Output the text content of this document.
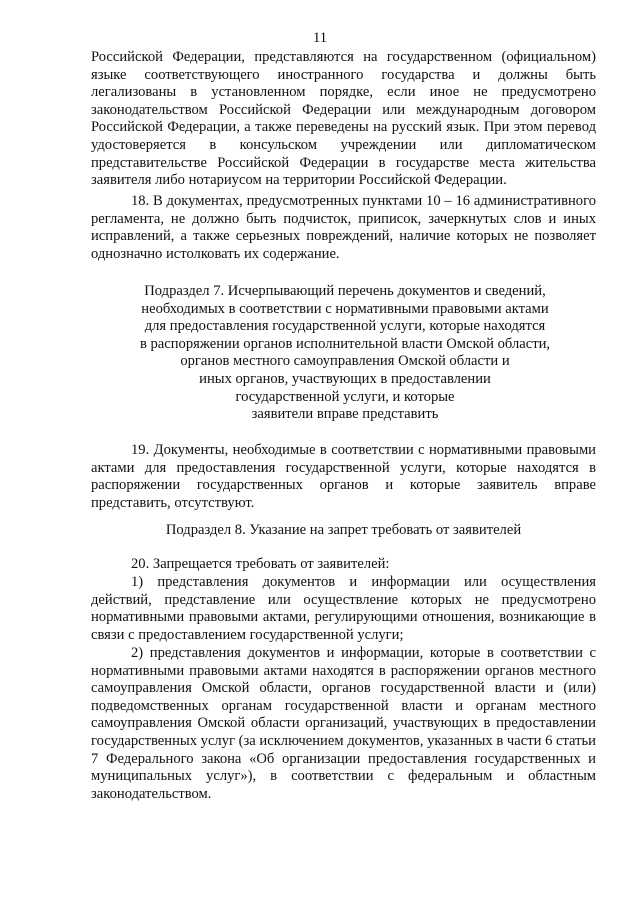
11

Российской Федерации, представляются на государственном (официальном) языке соответствующего иностранного государства и должны быть легализованы в установленном порядке, если иное не предусмотрено законодательством Российской Федерации или международным договором Российской Федерации, а также переведены на русский язык. При этом перевод удостоверяется в консульском учреждении или дипломатическом представительстве Российской Федерации в государстве места жительства заявителя либо нотариусом на территории Российской Федерации.

18. В документах, предусмотренных пунктами 10 – 16 административного регламента, не должно быть подчисток, приписок, зачеркнутых слов и иных исправлений, а также серьезных повреждений, наличие которых не позволяет однозначно истолковать их содержание.

Подраздел 7. Исчерпывающий перечень документов и сведений,
необходимых в соответствии с нормативными правовыми актами
для предоставления государственной услуги, которые находятся
в распоряжении органов исполнительной власти Омской области,
органов местного самоуправления Омской области и
иных органов, участвующих в предоставлении
государственной услуги, и которые
заявители вправе представить

19. Документы, необходимые в соответствии с нормативными правовыми актами для предоставления государственной услуги, которые находятся в распоряжении государственных органов и которые заявитель вправе представить, отсутствуют.

Подраздел 8. Указание на запрет требовать от заявителей

20. Запрещается требовать от заявителей:

1) представления документов и информации или осуществления действий, представление или осуществление которых не предусмотрено нормативными правовыми актами, регулирующими отношения, возникающие в связи с предоставлением государственной услуги;

2) представления документов и информации, которые в соответствии с нормативными правовыми актами находятся в распоряжении органов местного самоуправления Омской области, органов государственной власти и (или) подведомственных органам государственной власти и органам местного самоуправления Омской области организаций, участвующих в предоставлении государственных услуг (за исключением документов, указанных в части 6 статьи 7 Федерального закона «Об организации предоставления государственных и муниципальных услуг»), в соответствии с федеральным и областным законодательством.
